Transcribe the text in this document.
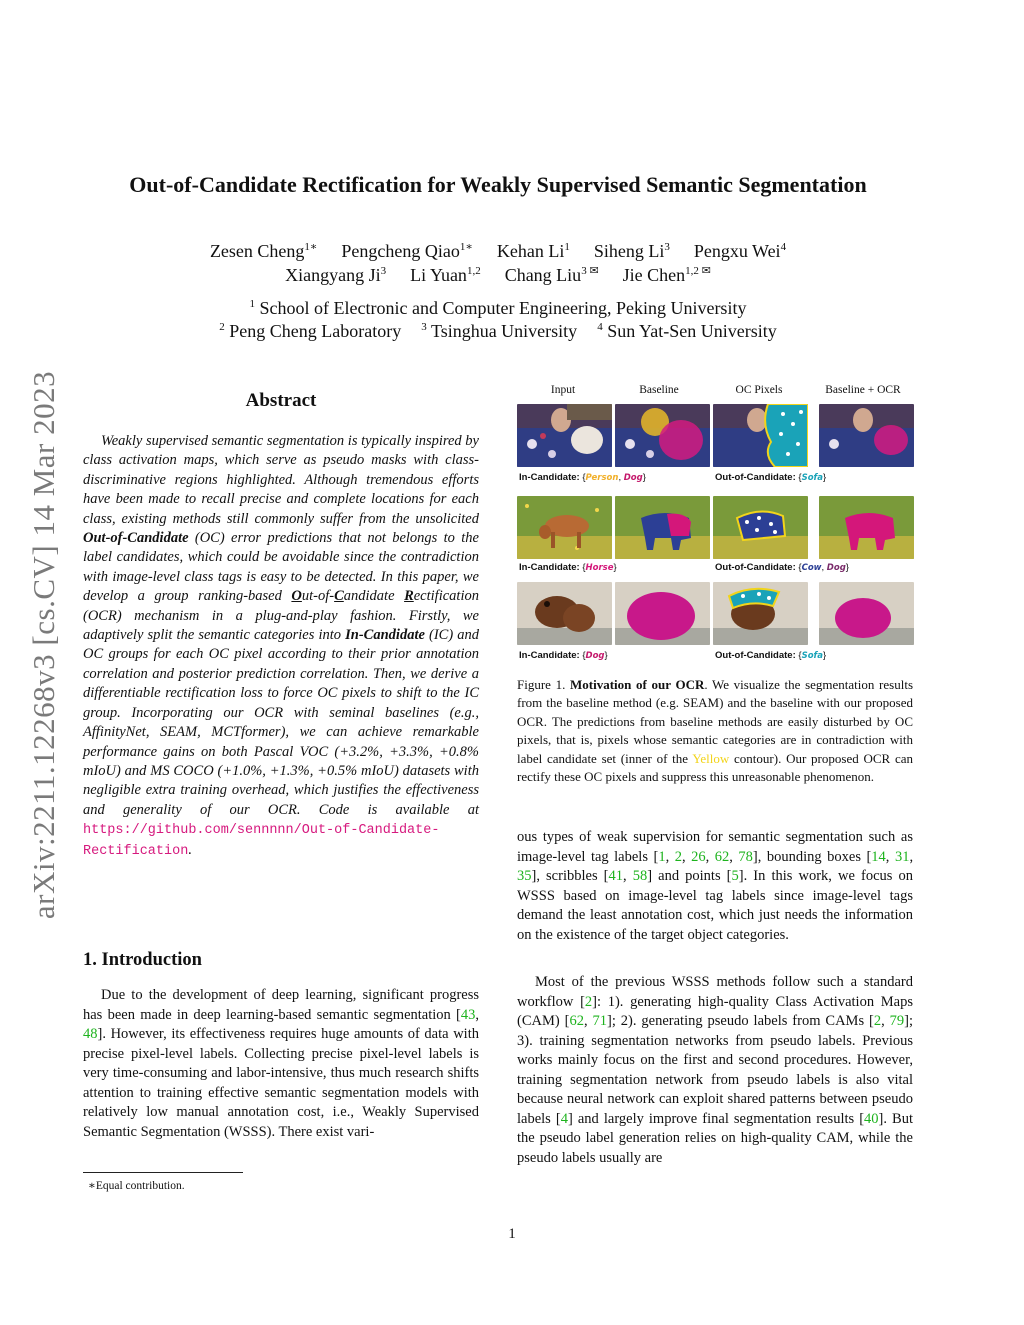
arXiv:2211.12268v3 [cs.CV] 14 Mar 2023
Out-of-Candidate Rectification for Weakly Supervised Semantic Segmentation
Zesen Cheng$^{1∗}$ Pengcheng Qiao$^{1∗}$ Kehan Li$^1$ Siheng Li$^3$ Pengxu Wei$^4$
Xiangyang Ji$^3$ Li Yuan$^{1,2}$ Chang Liu$^{3 ✉}$ Jie Chen$^{1,2 ✉}$
$^1$ School of Electronic and Computer Engineering, Peking University
$^2$ Peng Cheng Laboratory $^3$ Tsinghua University $^4$ Sun Yat-Sen University
Abstract
Weakly supervised semantic segmentation is typically inspired by class activation maps, which serve as pseudo masks with class-discriminative regions highlighted. Although tremendous efforts have been made to recall precise and complete locations for each class, existing methods still commonly suffer from the unsolicited Out-of-Candidate (OC) error predictions that not belongs to the label candidates, which could be avoidable since the contradiction with image-level class tags is easy to be detected. In this paper, we develop a group ranking-based Out-of-Candidate Rectification (OCR) mechanism in a plug-and-play fashion. Firstly, we adaptively split the semantic categories into In-Candidate (IC) and OC groups for each OC pixel according to their prior annotation correlation and posterior prediction correlation. Then, we derive a differentiable rectification loss to force OC pixels to shift to the IC group. Incorporating our OCR with seminal baselines (e.g., AffinityNet, SEAM, MCTformer), we can achieve remarkable performance gains on both Pascal VOC (+3.2%, +3.3%, +0.8% mIoU) and MS COCO (+1.0%, +1.3%, +0.5% mIoU) datasets with negligible extra training overhead, which justifies the effectiveness and generality of our OCR. Code is available at https://github.com/sennnnn/Out-of-Candidate-Rectification.
1. Introduction
Due to the development of deep learning, significant progress has been made in deep learning-based semantic segmentation [43, 48]. However, its effectiveness requires huge amounts of data with precise pixel-level labels. Collecting precise pixel-level labels is very time-consuming and labor-intensive, thus much research shifts attention to training effective semantic segmentation models with relatively low manual annotation cost, i.e., Weakly Supervised Semantic Segmentation (WSSS). There exist vari-
∗Equal contribution.
Input	Baseline	OC Pixels	Baseline + OCR
In-Candidate: {Person, Dog}	Out-of-Candidate: {Sofa}
In-Candidate: {Horse}	Out-of-Candidate: {Cow, Dog}
In-Candidate: {Dog}	Out-of-Candidate: {Sofa}
Figure 1. Motivation of our OCR. We visualize the segmentation results from the baseline method (e.g. SEAM) and the baseline with our proposed OCR. The predictions from baseline methods are easily disturbed by OC pixels, that is, pixels whose semantic categories are in contradiction with label candidate set (inner of the Yellow contour). Our proposed OCR can rectify these OC pixels and suppress this unreasonable phenomenon.
ous types of weak supervision for semantic segmentation such as image-level tag labels [1, 2, 26, 62, 78], bounding boxes [14, 31, 35], scribbles [41, 58] and points [5]. In this work, we focus on WSSS based on image-level tag labels since image-level tags demand the least annotation cost, which just needs the information on the existence of the target object categories.
Most of the previous WSSS methods follow such a standard workflow [2]: 1). generating high-quality Class Activation Maps (CAM) [62, 71]; 2). generating pseudo labels from CAMs [2, 79]; 3). training segmentation networks from pseudo labels. Previous works mainly focus on the first and second procedures. However, training segmentation network from pseudo labels is also vital because neural network can exploit shared patterns between pseudo labels [4] and largely improve final segmentation results [40]. But the pseudo label generation relies on high-quality CAM, while the pseudo labels usually are
1
